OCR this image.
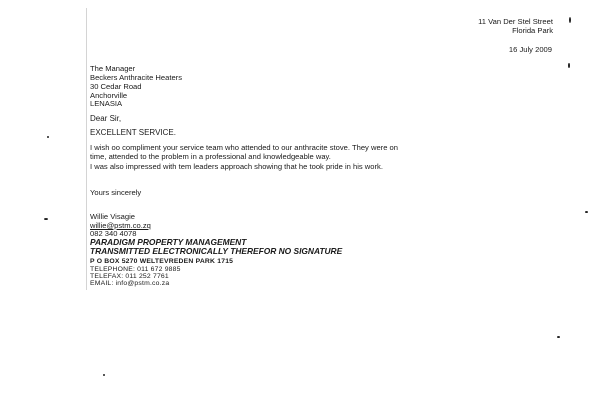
11 Van Der Stel Street
Florida Park
16 July 2009
The Manager
Beckers Anthracite Heaters
30 Cedar Road
Anchorville
LENASIA
Dear Sir,
EXCELLENT SERVICE.
I wish oo compliment your service team who attended to our anthracite stove. They were on
time, attended to the problem in a professional and knowledgeable way.
I was also impressed with tem leaders approach showing that he took pride in his work.
Yours sincerely
Willie Visagie
willie@pstm.co.zq
082 340 4078
PARADIGM PROPERTY MANAGEMENT
TRANSMITTED ELECTRONICALLY THEREFOR NO SIGNATURE
P O BOX 5270 WELTEVREDEN PARK 1715
TELEPHONE: 011 672 9885
TELEFAX: 011 252 7761
EMAIL: info@pstm.co.za
